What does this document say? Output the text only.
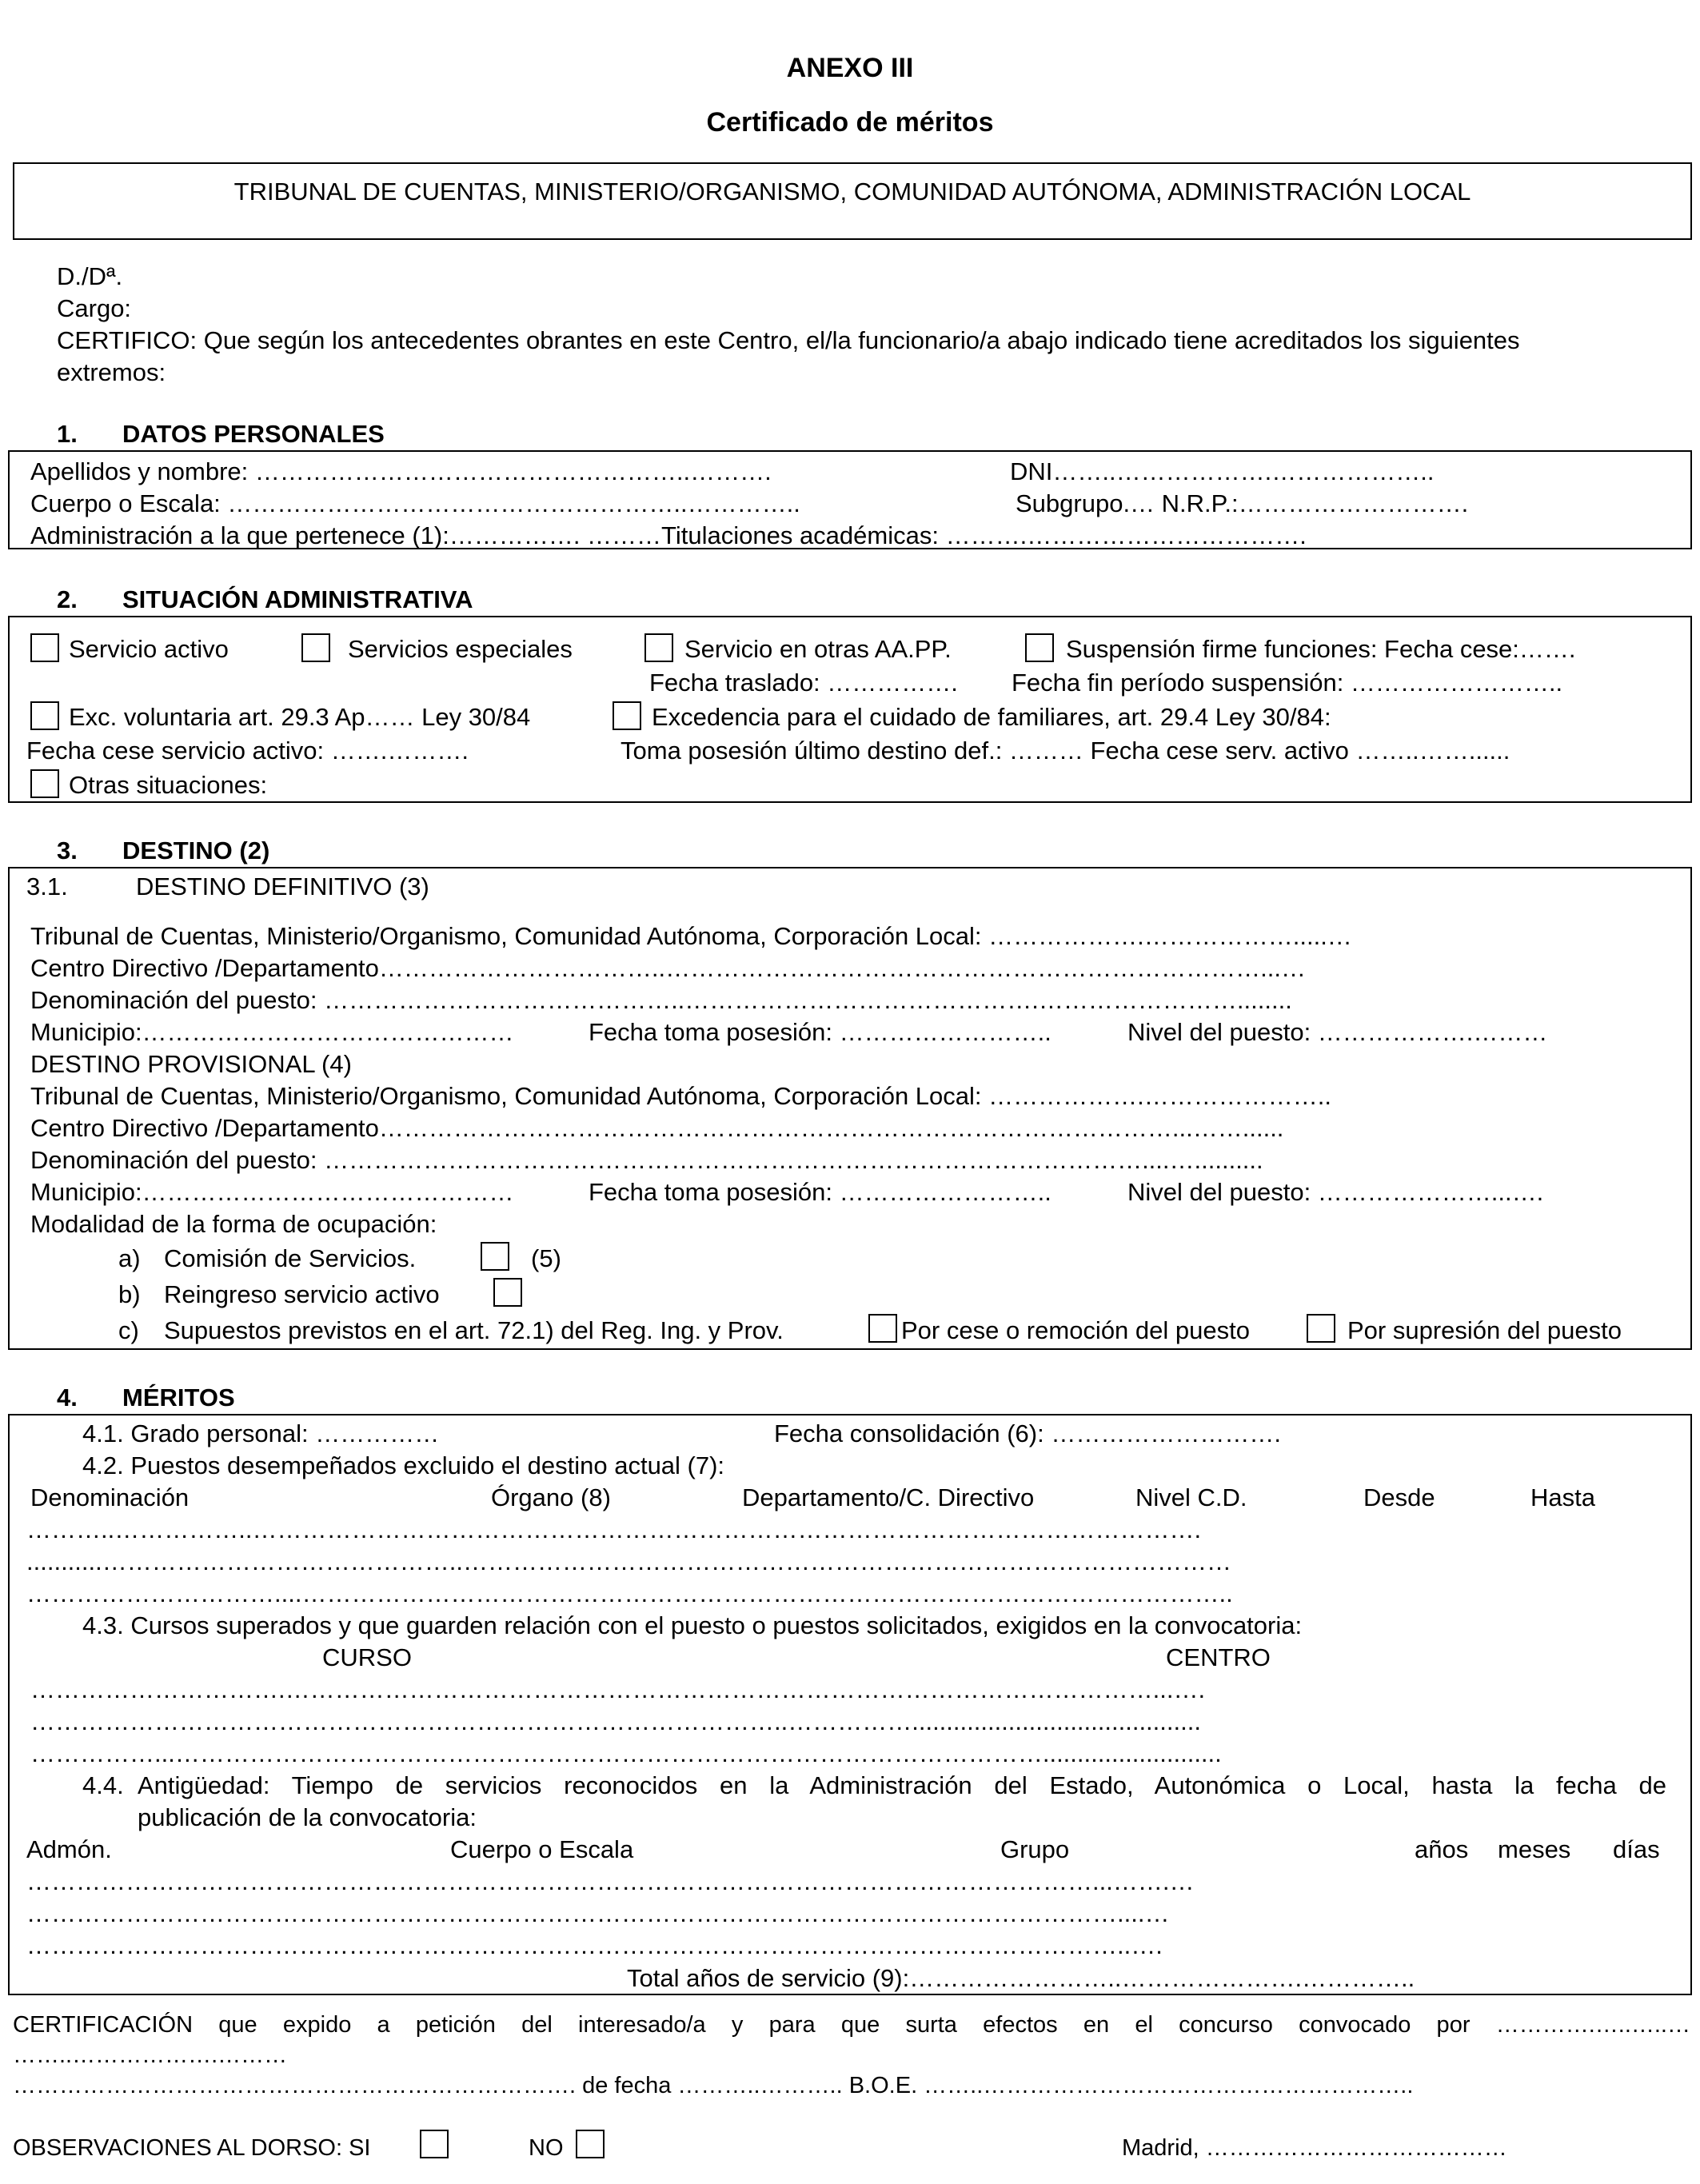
ANEXO III
Certificado de méritos
TRIBUNAL DE CUENTAS, MINISTERIO/ORGANISMO, COMUNIDAD AUTÓNOMA, ADMINISTRACIÓN LOCAL
D./Dª.
Cargo:
CERTIFICO: Que según los antecedentes obrantes en este Centro, el/la funcionario/a abajo indicado tiene acreditados los siguientes
extremos:
1. DATOS PERSONALES
Apellidos y nombre: ……………………………………………..……….	DNI……..……………….………………..
Cuerpo o Escala: ………………………………………………..…………..	Subgrupo.… N.R.P.:……………………….
Administración a la que pertenece (1):……………. ………Titulaciones académicas: ……….…………………………….
2. SITUACIÓN ADMINISTRATIVA
Servicio activo	Servicios especiales	Servicio en otras AA.PP.	Suspensión firme funciones: Fecha cese:…….
Fecha traslado: ……………. Fecha fin período suspensión: ……………………..
Exc. voluntaria art. 29.3 Ap…… Ley 30/84	Excedencia para el cuidado de familiares, art. 29.4 Ley 30/84:
Fecha cese servicio activo: …….……….	Toma posesión último destino def.: ……… Fecha cese serv. activo ……..……......
Otras situaciones:
3. DESTINO (2)
3.1.	DESTINO DEFINITIVO (3)
Tribunal de Cuentas, Ministerio/Organismo, Comunidad Autónoma, Corporación Local: ……………….……………….....…
Centro Directivo /Departamento……………………………..………………………………………………………………...…
Denominación del puesto: ……………………………………..…………………………………….……………………........
Municipio:………………………………………	Fecha toma posesión: ……………………..	Nivel del puesto: ……………….………
DESTINO PROVISIONAL (4)
Tribunal de Cuentas, Ministerio/Organismo, Comunidad Autónoma, Corporación Local: ……………….…………………..
Centro Directivo /Departamento……………………………………………………………………………………...……......
Denominación del puesto: ………………………………………………………………………………………....…..........
Municipio:………………………………………	Fecha toma posesión: ……………………..	Nivel del puesto: …………………...….
Modalidad de la forma de ocupación:
a) Comisión de Servicios.	(5)
b) Reingreso servicio activo
c) Supuestos previstos en el art. 72.1) del Reg. Ing. y Prov.	Por cese o remoción del puesto	Por supresión del puesto
4. MÉRITOS
4.1. Grado personal: ……………	Fecha consolidación (6): ……………………….
4.2. Puestos desempeñados excluido el destino actual (7):
Denominación	Órgano (8)	Departamento/C. Directivo	Nivel C.D.	Desde	Hasta
………..……………..…………………………………………………………………………………………………….
...........……………………………………..…………………………………………………………………………………
…………………………....…………………………………………………………………………………………………..
4.3. Cursos superados y que guarden relación con el puesto o puestos solicitados, exigidos en la convocatoria:
CURSO	CENTRO
………………………….……………………………………………………………………………………………...….
………………………………………………………………………………..……………..........................................
……………...……………………………………………………………………………………………..........................
4.4. Antigüedad: Tiempo de servicios reconocidos en la Administración del Estado, Autonómica o Local, hasta la fecha de
publicación de la convocatoria:
Admón.	Cuerpo o Escala	Grupo	años meses días
…………………………………………………………………………………………………………………...…….…
……………………………………………………………………………………………………………………....…
……………………………………………………………………………………………………………………..….
Total años de servicio (9):……………………..………………….…………..
CERTIFICACIÓN que expido a petición del interesado/a y para que surta efectos en el concurso convocado por ………….…..…..…
……..……………….………
………………………………………………………………. de fecha ………..……….. B.O.E. ……..………………………………………………..
OBSERVACIONES AL DORSO: SI	NO	Madrid, …………………………………
